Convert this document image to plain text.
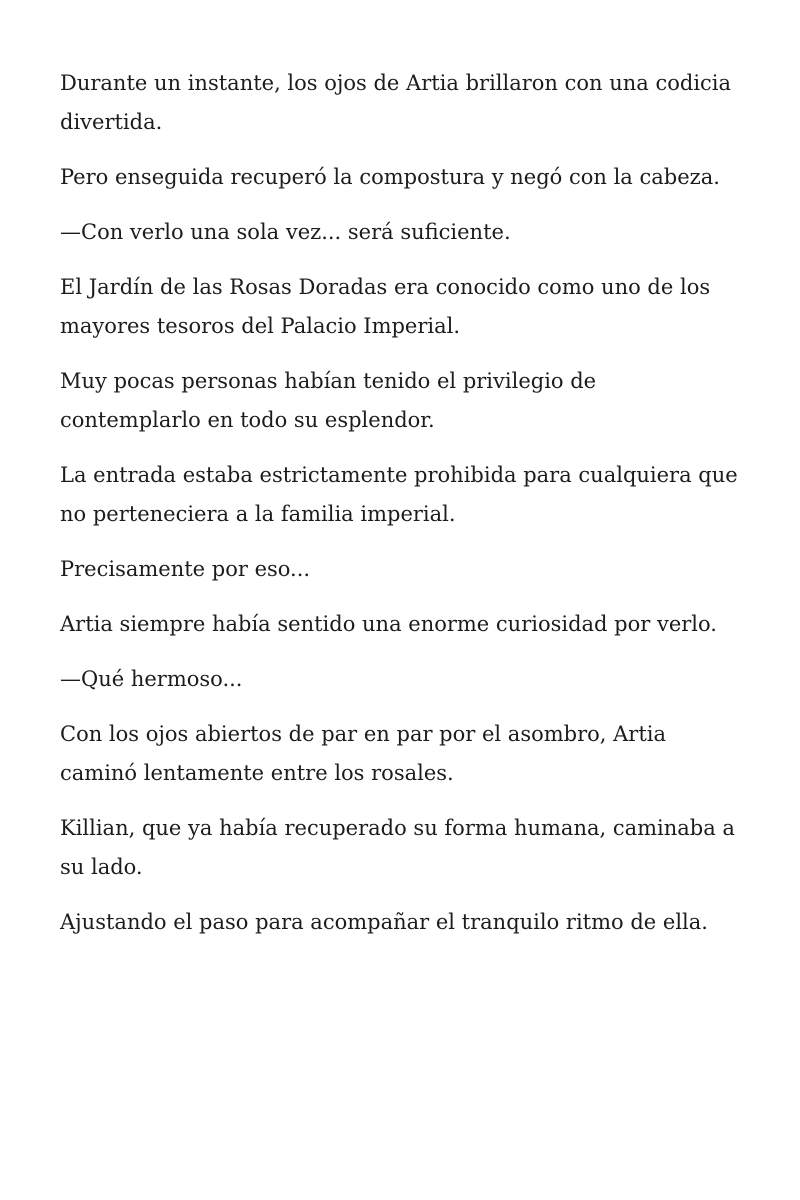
Durante un instante, los ojos de Artia brillaron con una codicia divertida.

Pero enseguida recuperó la compostura y negó con la cabeza.

—Con verlo una sola vez... será suficiente.

El Jardín de las Rosas Doradas era conocido como uno de los mayores tesoros del Palacio Imperial.

Muy pocas personas habían tenido el privilegio de contemplarlo en todo su esplendor.

La entrada estaba estrictamente prohibida para cualquiera que no perteneciera a la familia imperial.

Precisamente por eso...

Artia siempre había sentido una enorme curiosidad por verlo.

—Qué hermoso...

Con los ojos abiertos de par en par por el asombro, Artia caminó lentamente entre los rosales.

Killian, que ya había recuperado su forma humana, caminaba a su lado.

Ajustando el paso para acompañar el tranquilo ritmo de ella.
